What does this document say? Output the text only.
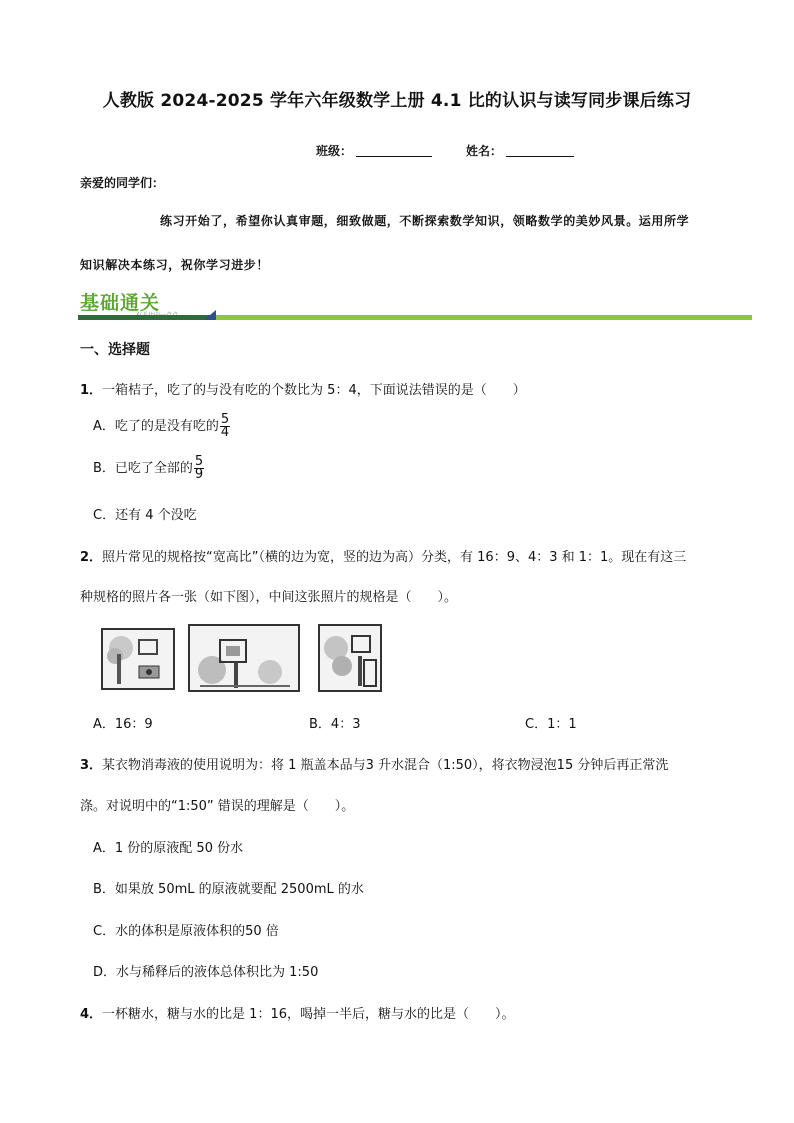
人教版 2024-2025 学年六年级数学上册 4.1 比的认识与读写同步课后练习
班级：	姓名：
亲爱的同学们：
练习开始了，希望你认真审题，细致做题，不断探索数学知识，领略数学的美妙风景。运用所学
知识解决本练习，祝你学习进步！
基础通关
一、选择题
1．一箱桔子，吃了的与没有吃的个数比为 5：4，下面说法错误的是（　　）
A．吃了的是没有吃的 $\frac{5}{4}$
B．已吃了全部的 $\frac{5}{9}$
C．还有 4 个没吃
2．照片常见的规格按“宽高比”（横的边为宽，竖的边为高）分类，有 16：9、4：3 和 1：1。现在有这三
种规格的照片各一张（如下图），中间这张照片的规格是（　　）。
A．16：9	B．4：3	C．1：1
3．某衣物消毒液的使用说明为：将 1 瓶盖本品与3 升水混合（1:50），将衣物浸泡15 分钟后再正常洗
涤。对说明中的“1:50” 错误的理解是（　　）。
A．1 份的原液配 50 份水
B．如果放 50mL 的原液就要配 2500mL 的水
C．水的体积是原液体积的50 倍
D．水与稀释后的液体总体积比为 1:50
4．一杯糖水，糖与水的比是 1：16，喝掉一半后，糖与水的比是（　　）。
